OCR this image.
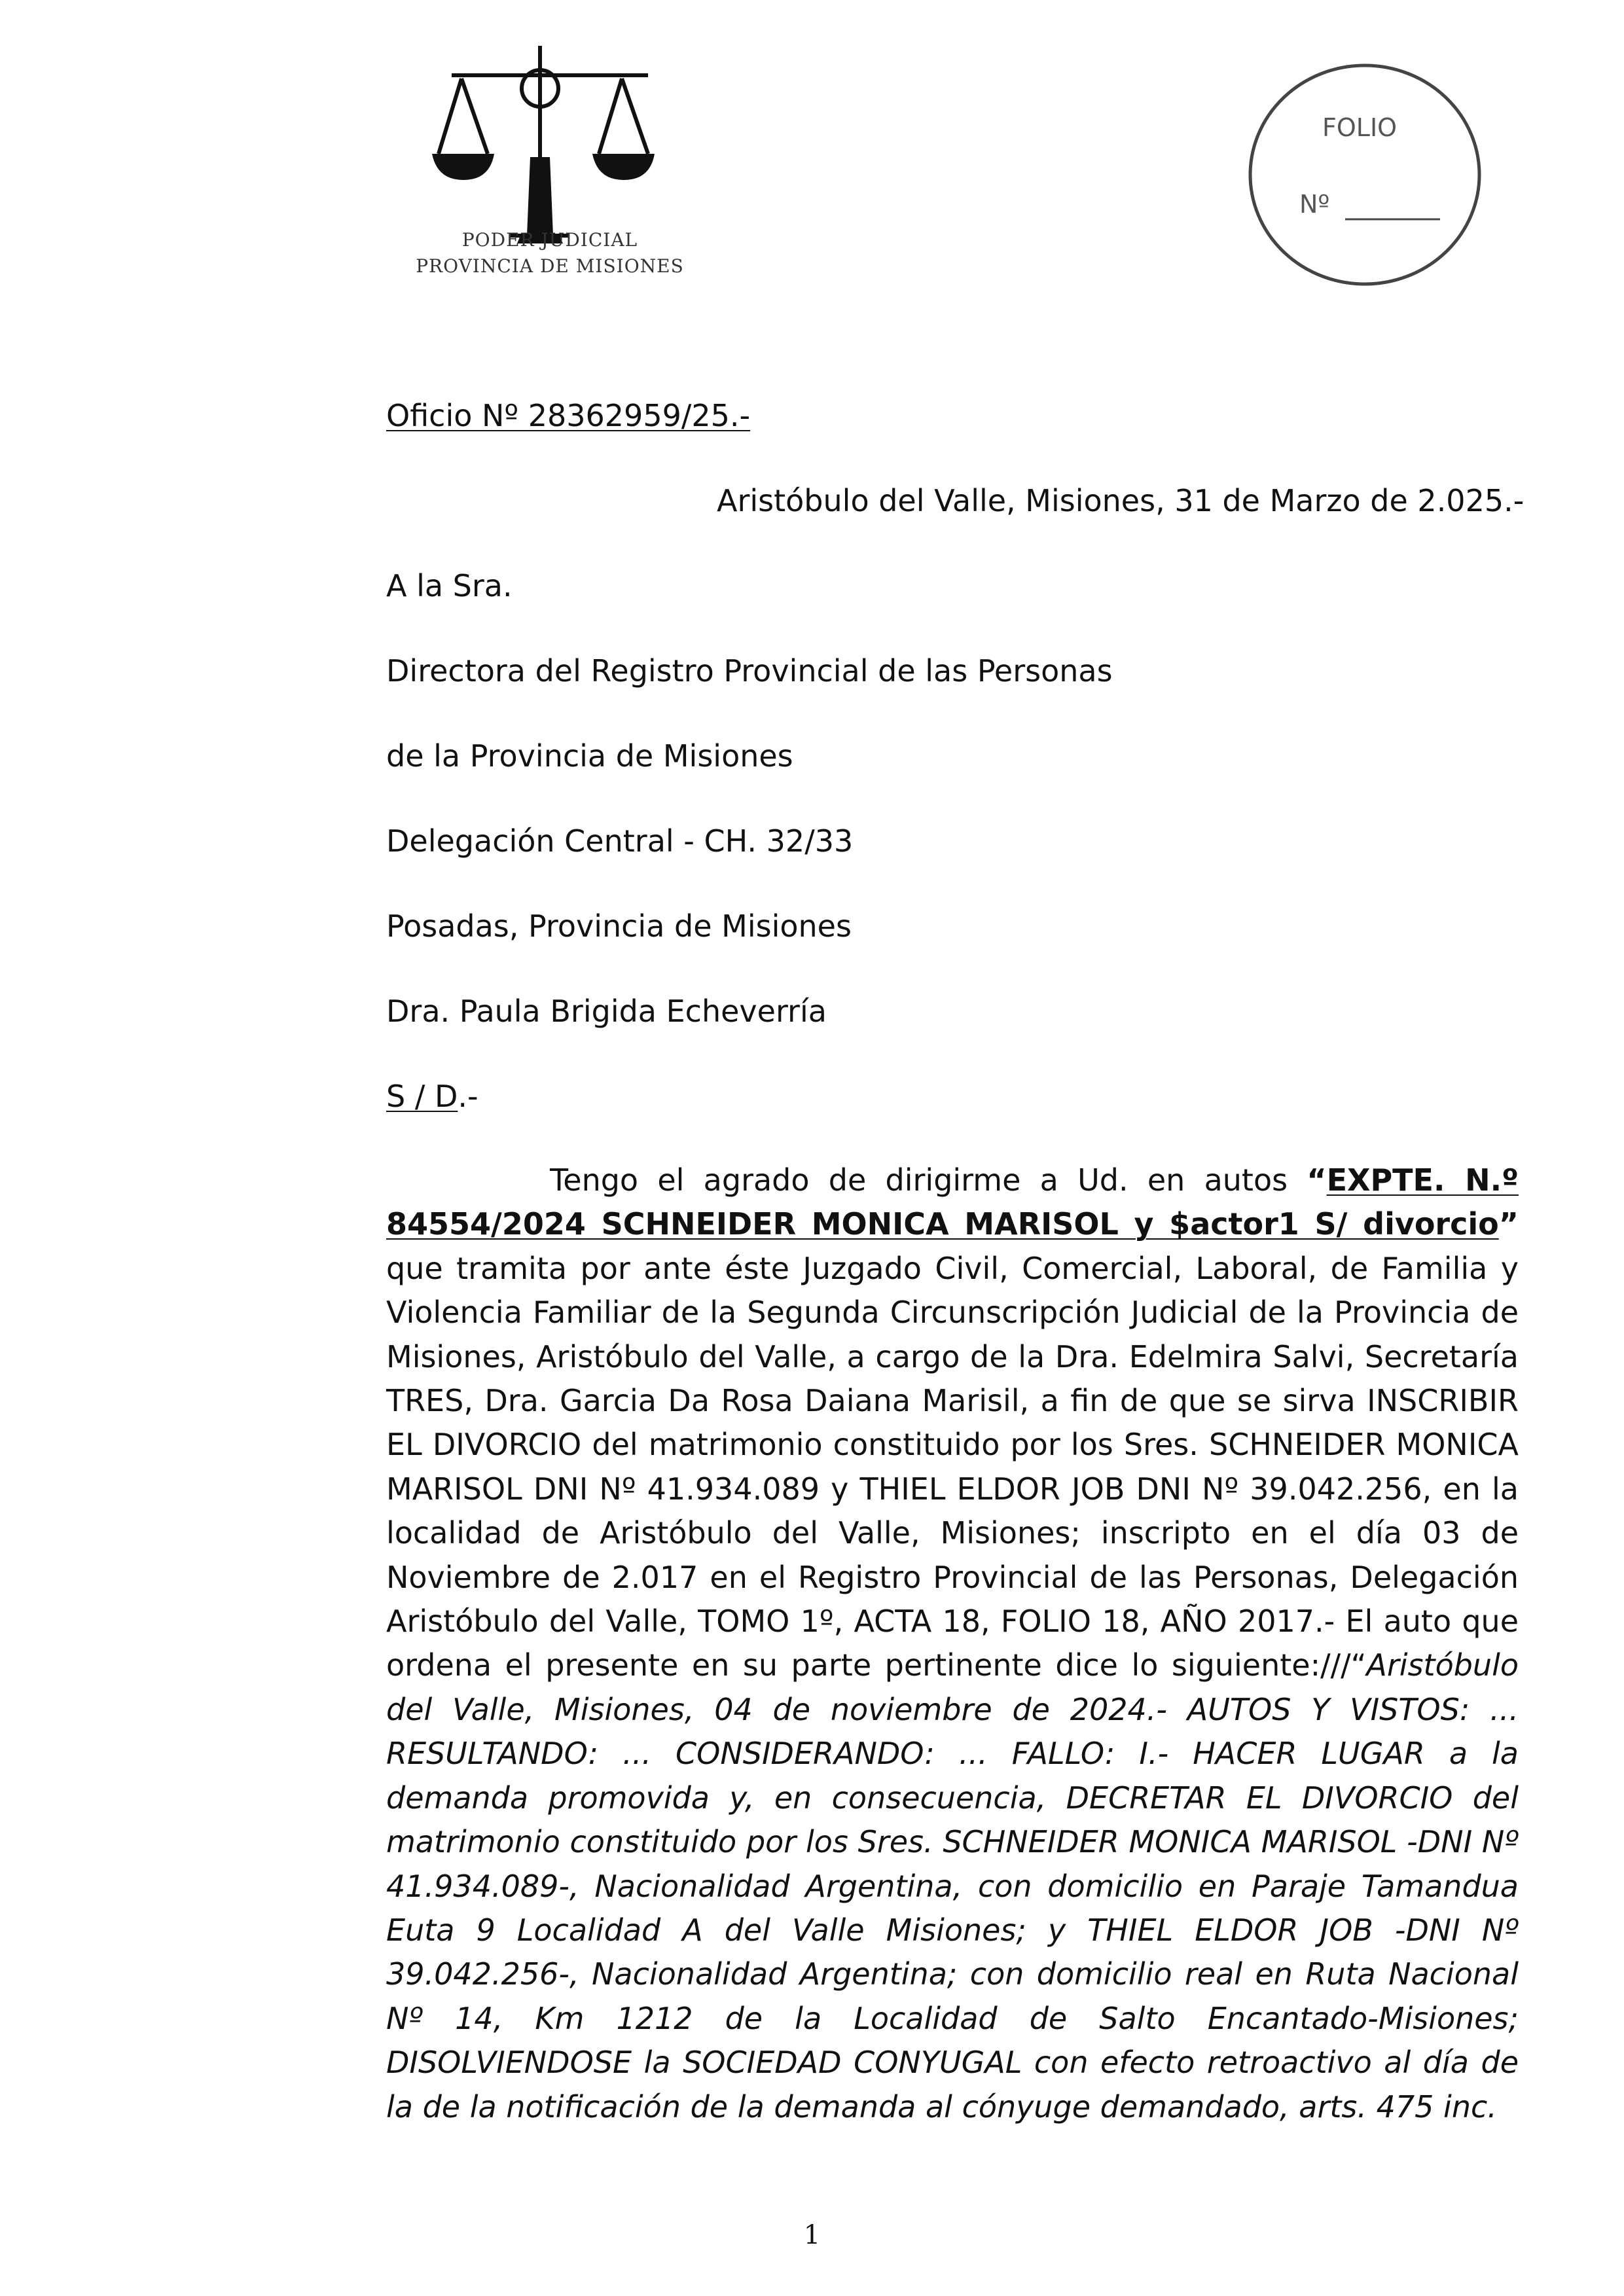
PODER JUDICIAL
PROVINCIA DE MISIONES
FOLIO
Nº
Oficio Nº 28362959/25.-
Aristóbulo del Valle, Misiones, 31 de Marzo de 2.025.-
A la Sra.
Directora del Registro Provincial de las Personas
de la Provincia de Misiones
Delegación Central - CH. 32/33
Posadas, Provincia de Misiones
Dra. Paula Brigida Echeverría
S / D.-

Tengo el agrado de dirigirme a Ud. en autos “EXPTE. N.º 84554/2024 SCHNEIDER MONICA MARISOL y $actor1 S/ divorcio” que tramita por ante éste Juzgado Civil, Comercial, Laboral, de Familia y Violencia Familiar de la Segunda Circunscripción Judicial de la Provincia de Misiones, Aristóbulo del Valle, a cargo de la Dra. Edelmira Salvi, Secretaría TRES, Dra. Garcia Da Rosa Daiana Marisil, a fin de que se sirva INSCRIBIR EL DIVORCIO del matrimonio constituido por los Sres. SCHNEIDER MONICA MARISOL DNI Nº 41.934.089 y THIEL ELDOR JOB DNI Nº 39.042.256, en la localidad de Aristóbulo del Valle, Misiones; inscripto en el día 03 de Noviembre de 2.017 en el Registro Provincial de las Personas, Delegación Aristóbulo del Valle, TOMO 1º, ACTA 18, FOLIO 18, AÑO 2017.- El auto que ordena el presente en su parte pertinente dice lo siguiente:///“Aristóbulo del Valle, Misiones, 04 de noviembre de 2024.- AUTOS Y VISTOS: ... RESULTANDO: ... CONSIDERANDO: ... FALLO: I.- HACER LUGAR a la demanda promovida y, en consecuencia, DECRETAR EL DIVORCIO del matrimonio constituido por los Sres. SCHNEIDER MONICA MARISOL -DNI Nº 41.934.089-, Nacionalidad Argentina, con domicilio en Paraje Tamandua Euta 9 Localidad A del Valle Misiones; y THIEL ELDOR JOB -DNI Nº 39.042.256-, Nacionalidad Argentina; con domicilio real en Ruta Nacional Nº 14, Km 1212 de la Localidad de Salto Encantado-Misiones; DISOLVIENDOSE la SOCIEDAD CONYUGAL con efecto retroactivo al día de la de la notificación de la demanda al cónyuge demandado, arts. 475 inc.

1
